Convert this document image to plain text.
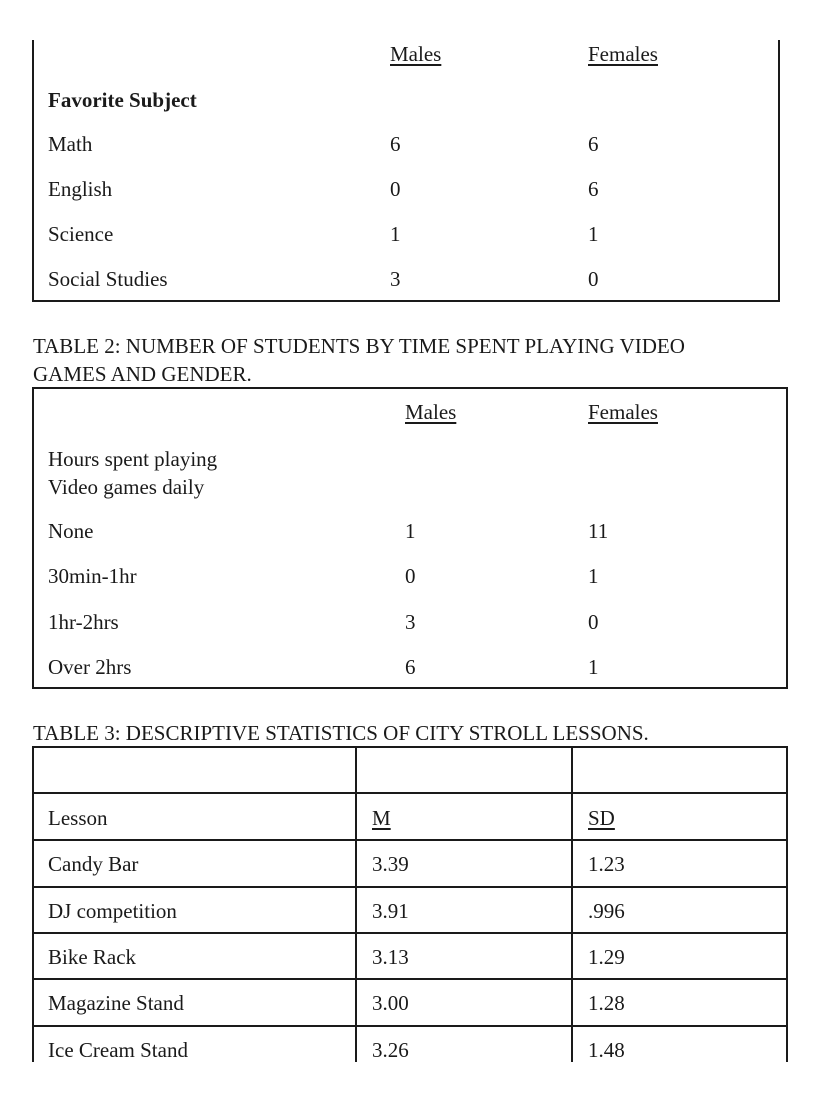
Males	Females
Favorite Subject
Math	6	6
English	0	6
Science	1	1
Social Studies	3	0
TABLE 2: NUMBER OF STUDENTS BY TIME SPENT PLAYING VIDEO
GAMES AND GENDER.
Males	Females
Hours spent playing
Video games daily
None	1	11
30min-1hr	0	1
1hr-2hrs	3	0
Over 2hrs	6	1
TABLE 3: DESCRIPTIVE STATISTICS OF CITY STROLL LESSONS.
Lesson	M	SD
Candy Bar	3.39	1.23
DJ competition	3.91	.996
Bike Rack	3.13	1.29
Magazine Stand	3.00	1.28
Ice Cream Stand	3.26	1.48
